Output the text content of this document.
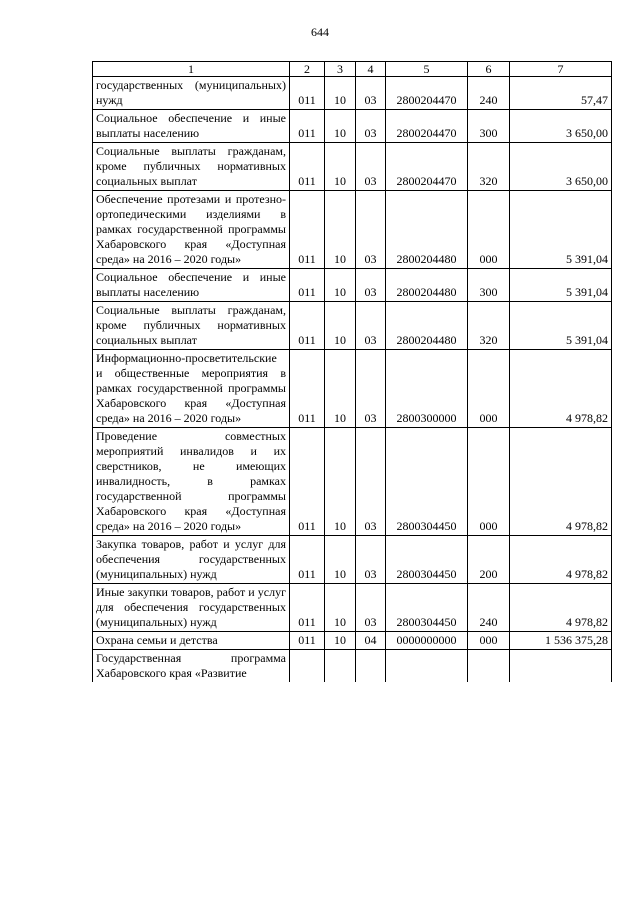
644
1	2	3	4	5	6	7
государственных (муниципальных) нужд	011	10	03	2800204470	240	57,47
Социальное обеспечение и иные выплаты населению	011	10	03	2800204470	300	3 650,00
Социальные выплаты гражданам, кроме публичных нормативных социальных выплат	011	10	03	2800204470	320	3 650,00
Обеспечение протезами и протезно-ортопедическими изделиями в рамках государственной программы Хабаровского края «Доступная среда» на 2016 – 2020 годы»	011	10	03	2800204480	000	5 391,04
Социальное обеспечение и иные выплаты населению	011	10	03	2800204480	300	5 391,04
Социальные выплаты гражданам, кроме публичных нормативных социальных выплат	011	10	03	2800204480	320	5 391,04
Информационно-просветительские и общественные мероприятия в рамках государственной программы Хабаровского края «Доступная среда» на 2016 – 2020 годы»	011	10	03	2800300000	000	4 978,82
Проведение совместных мероприятий инвалидов и их сверстников, не имеющих инвалидность, в рамках государственной программы Хабаровского края «Доступная среда» на 2016 – 2020 годы»	011	10	03	2800304450	000	4 978,82
Закупка товаров, работ и услуг для обеспечения государственных (муниципальных) нужд	011	10	03	2800304450	200	4 978,82
Иные закупки товаров, работ и услуг для обеспечения государственных (муниципальных) нужд	011	10	03	2800304450	240	4 978,82
Охрана семьи и детства	011	10	04	0000000000	000	1 536 375,28
Государственная программа Хабаровского края «Развитие						
